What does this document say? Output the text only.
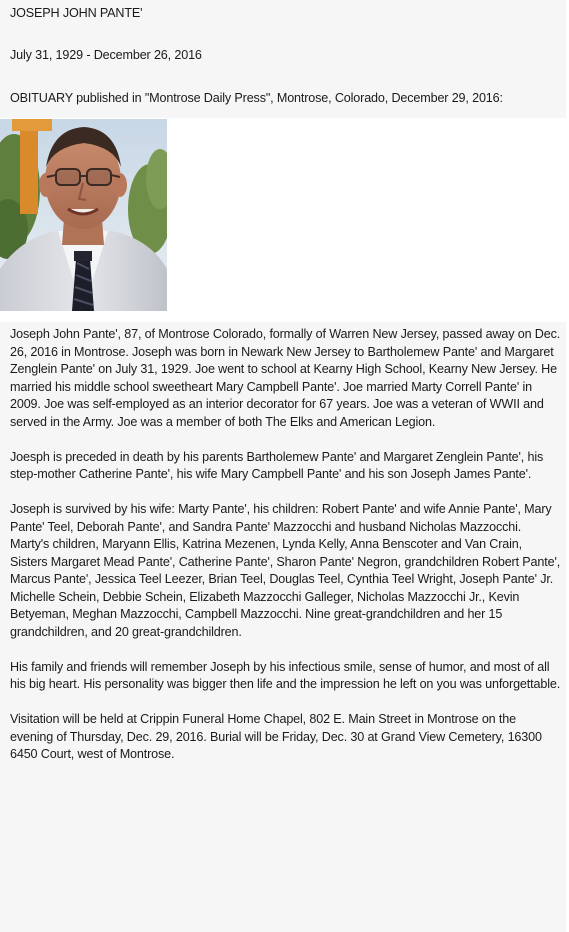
JOSEPH JOHN PANTE'
July 31, 1929 - December 26, 2016
OBITUARY published in "Montrose Daily Press", Montrose, Colorado, December 29, 2016:

Joseph John Pante', 87, of Montrose Colorado, formally of Warren New Jersey, passed away on Dec. 26, 2016 in Montrose. Joseph was born in Newark New Jersey to Bartholemew Pante' and Margaret Zenglein Pante' on July 31, 1929. Joe went to school at Kearny High School, Kearny New Jersey. He married his middle school sweetheart Mary Campbell Pante'. Joe married Marty Correll Pante' in 2009. Joe was self-employed as an interior decorator for 67 years. Joe was a veteran of WWII and served in the Army. Joe was a member of both The Elks and American Legion.

Joesph is preceded in death by his parents Bartholemew Pante' and Margaret Zenglein Pante', his step-mother Catherine Pante', his wife Mary Campbell Pante' and his son Joseph James Pante'.

Joseph is survived by his wife: Marty Pante', his children: Robert Pante' and wife Annie Pante', Mary Pante' Teel, Deborah Pante', and Sandra Pante' Mazzocchi and husband Nicholas Mazzocchi. Marty's children, Maryann Ellis, Katrina Mezenen, Lynda Kelly, Anna Benscoter and Van Crain, Sisters Margaret Mead Pante', Catherine Pante', Sharon Pante' Negron, grandchildren Robert Pante', Marcus Pante', Jessica Teel Leezer, Brian Teel, Douglas Teel, Cynthia Teel Wright, Joseph Pante' Jr. Michelle Schein, Debbie Schein, Elizabeth Mazzocchi Galleger, Nicholas Mazzocchi Jr., Kevin Betyeman, Meghan Mazzocchi, Campbell Mazzocchi. Nine great-grandchildren and her 15 grandchildren, and 20 great-grandchildren.

His family and friends will remember Joseph by his infectious smile, sense of humor, and most of all his big heart. His personality was bigger then life and the impression he left on you was unforgettable.

Visitation will be held at Crippin Funeral Home Chapel, 802 E. Main Street in Montrose on the evening of Thursday, Dec. 29, 2016. Burial will be Friday, Dec. 30 at Grand View Cemetery, 16300 6450 Court, west of Montrose.
